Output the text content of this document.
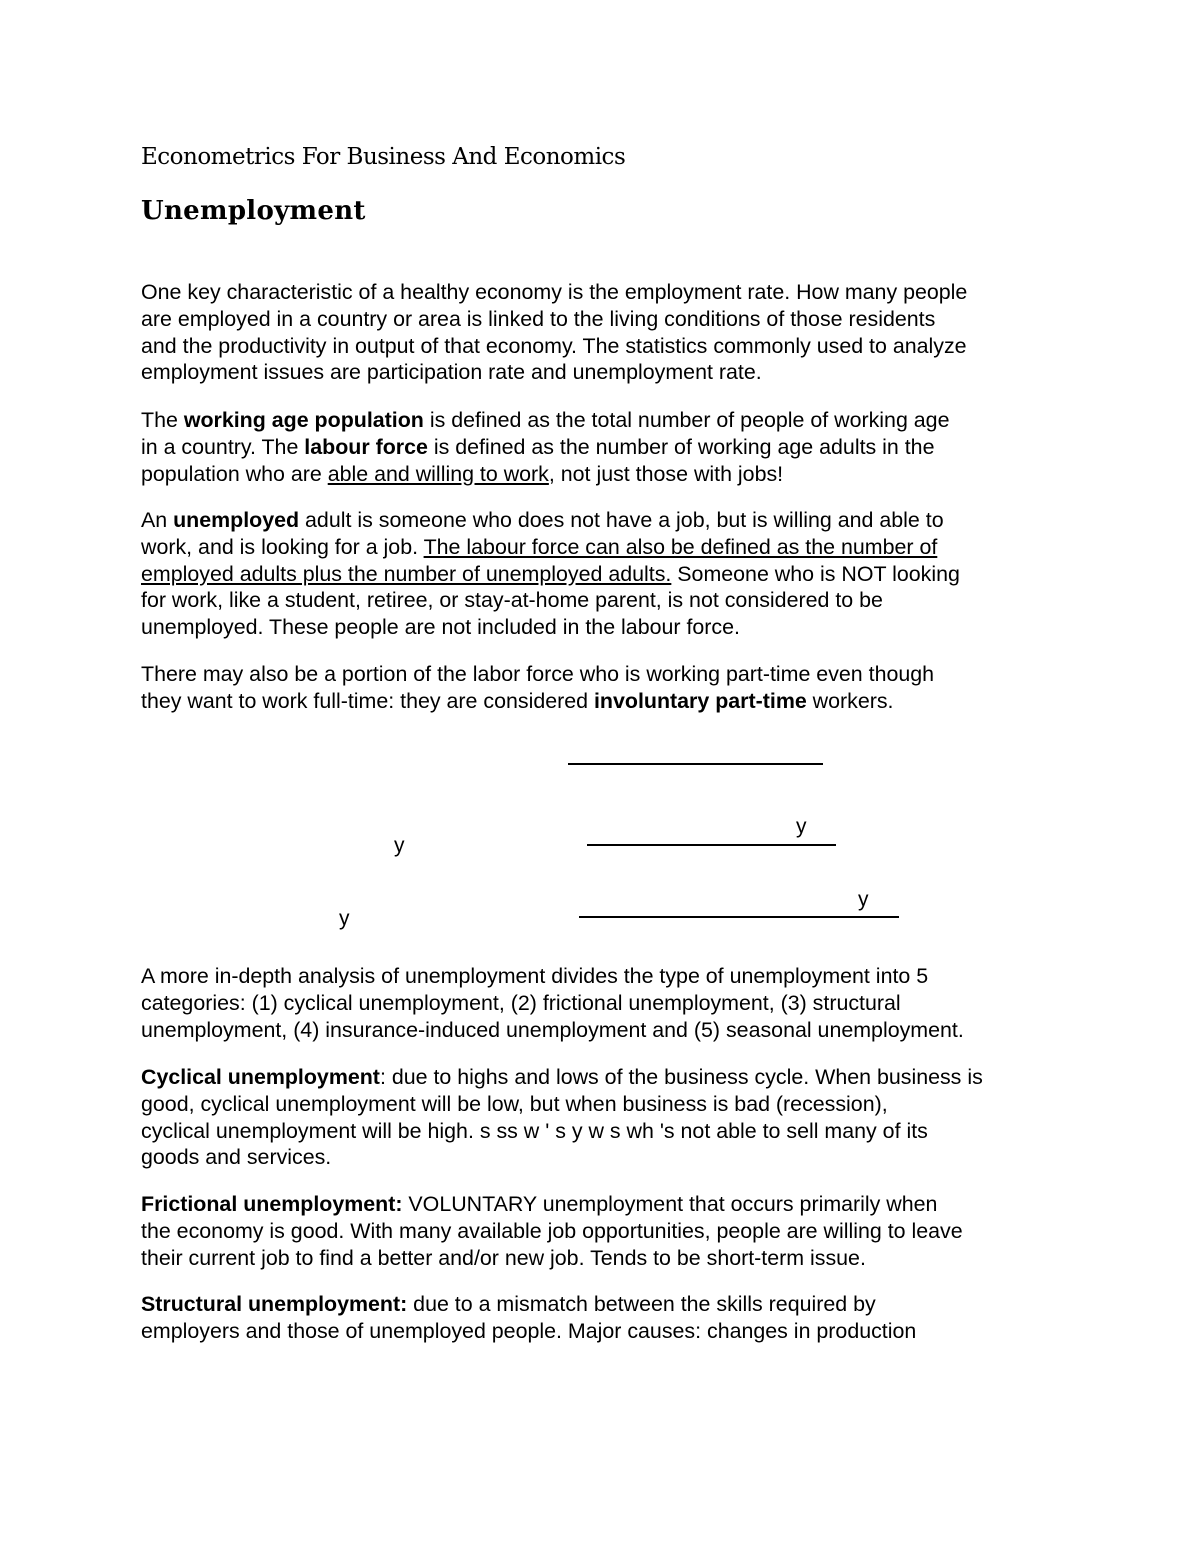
Econometrics For Business And Economics
Unemployment
One key characteristic of a healthy economy is the employment rate. How many people
are employed in a country or area is linked to the living conditions of those residents
and the productivity in output of that economy. The statistics commonly used to analyze
employment issues are participation rate and unemployment rate.
The working age population is defined as the total number of people of working age
in a country. The labour force is defined as the number of working age adults in the
population who are able and willing to work, not just those with jobs!
An unemployed adult is someone who does not have a job, but is willing and able to
work, and is looking for a job. The labour force can also be defined as the number of
employed adults plus the number of unemployed adults. Someone who is NOT looking
for work, like a student, retiree, or stay-at-home parent, is not considered to be
unemployed. These people are not included in the labour force.
There may also be a portion of the labor force who is working part-time even though
they want to work full-time: they are considered involuntary part-time workers.
y
y
y
y
A more in-depth analysis of unemployment divides the type of unemployment into 5
categories: (1) cyclical unemployment, (2) frictional unemployment, (3) structural
unemployment, (4) insurance-induced unemployment and (5) seasonal unemployment.
Cyclical unemployment: due to highs and lows of the business cycle. When business is
good, cyclical unemployment will be low, but when business is bad (recession),
cyclical unemployment will be high. s ss w ' s y w s wh 's not able to sell many of its
goods and services.
Frictional unemployment: VOLUNTARY unemployment that occurs primarily when
the economy is good. With many available job opportunities, people are willing to leave
their current job to find a better and/or new job. Tends to be short-term issue.
Structural unemployment: due to a mismatch between the skills required by
employers and those of unemployed people. Major causes: changes in production
